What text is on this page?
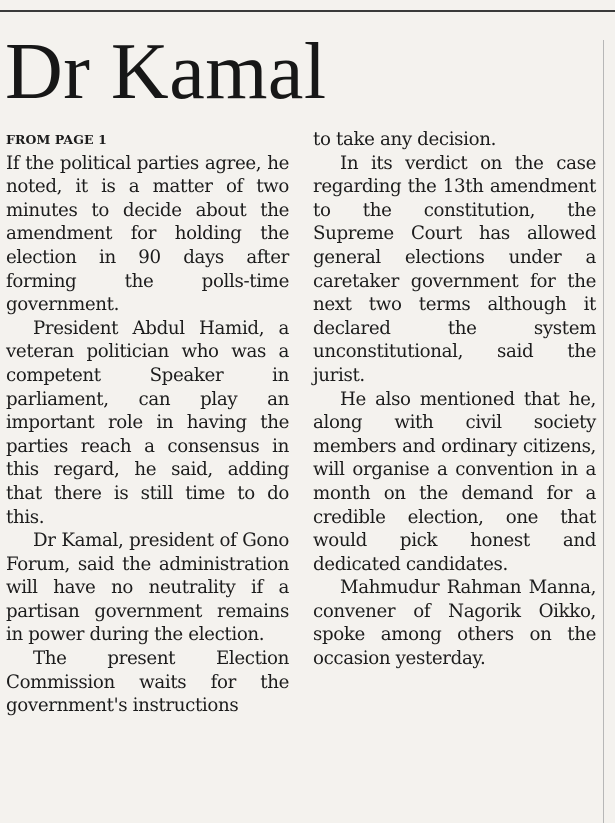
Dr Kamal
FROM PAGE 1

If the political parties agree, he noted, it is a matter of two minutes to decide about the amendment for holding the election in 90 days after forming the polls-time government.

President Abdul Hamid, a veteran politician who was a competent Speaker in parliament, can play an important role in having the parties reach a consensus in this regard, he said, adding that there is still time to do this.

Dr Kamal, president of Gono Forum, said the administration will have no neutrality if a partisan government remains in power during the election.

The present Election Commission waits for the government's instructions

to take any decision.

In its verdict on the case regarding the 13th amendment to the constitution, the Supreme Court has allowed general elections under a caretaker government for the next two terms although it declared the system unconstitutional, said the jurist.

He also mentioned that he, along with civil society members and ordinary citizens, will organise a convention in a month on the demand for a credible election, one that would pick honest and dedicated candidates.

Mahmudur Rahman Manna, convener of Nagorik Oikko, spoke among others on the occasion yesterday.
